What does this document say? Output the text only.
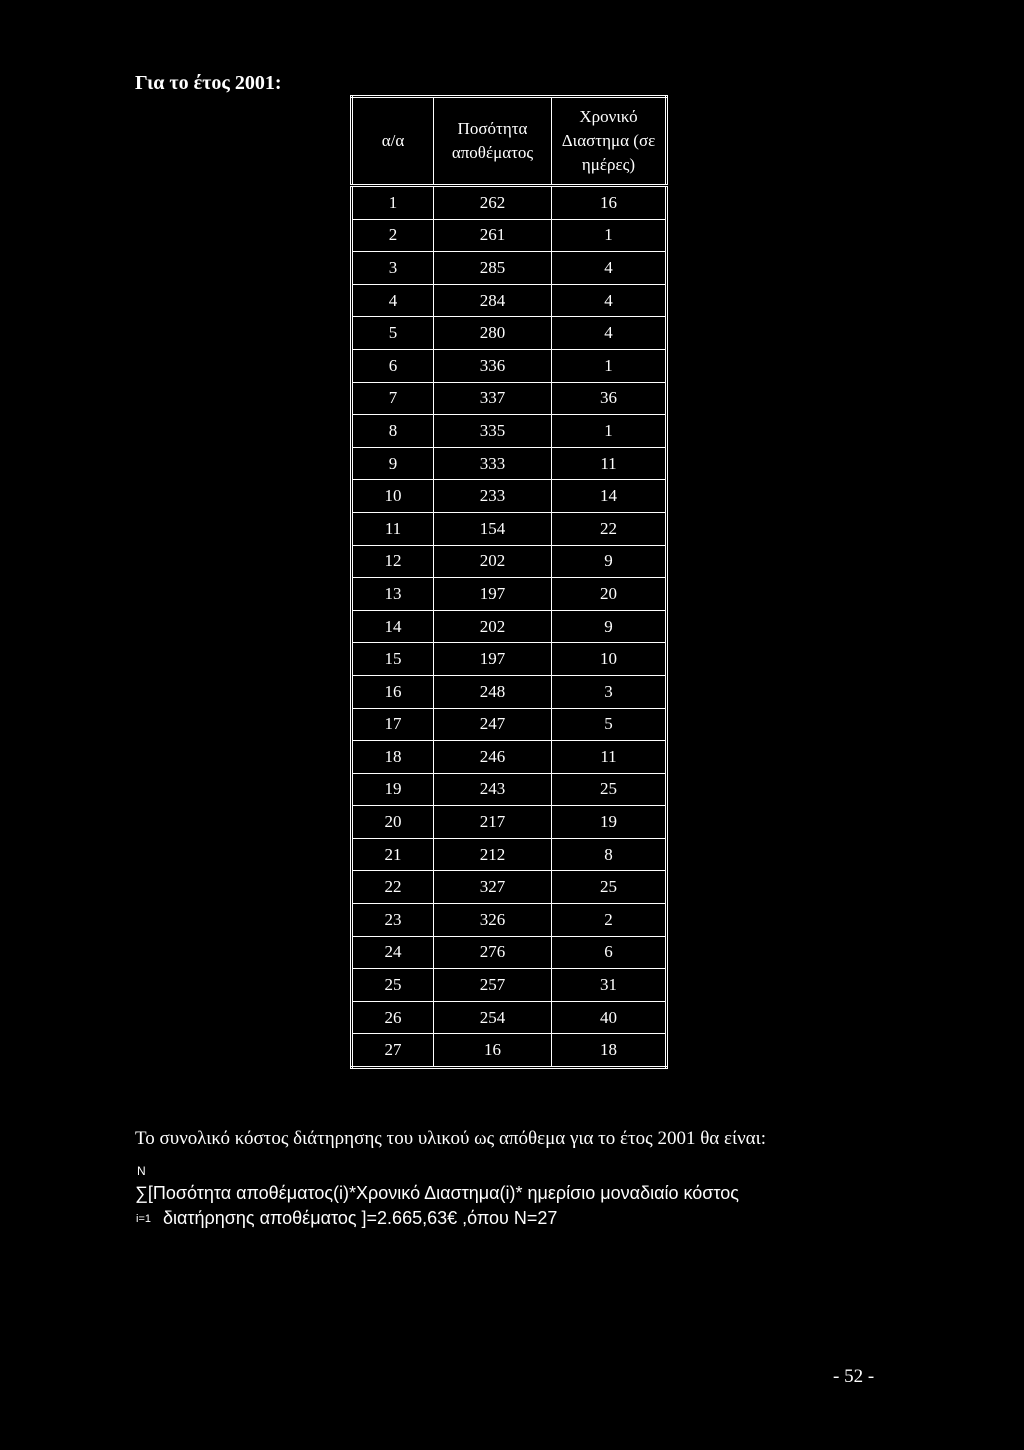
Για το έτος 2001:
α/α	Ποσότητα αποθέματος	Χρονικό Διαστημα (σε ημέρες)
1	262	16
2	261	1
3	285	4
4	284	4
5	280	4
6	336	1
7	337	36
8	335	1
9	333	11
10	233	14
11	154	22
12	202	9
13	197	20
14	202	9
15	197	10
16	248	3
17	247	5
18	246	11
19	243	25
20	217	19
21	212	8
22	327	25
23	326	2
24	276	6
25	257	31
26	254	40
27	16	18
Το συνολικό κόστος διάτηρησης του υλικού ως απόθεμα για το έτος 2001 θα είναι:
N
∑[Ποσότητα αποθέματος(i)*Χρονικό Διαστημα(i)* ημερίσιο μοναδιαίο κόστος
i=1 διατήρησης αποθέματος ]=2.665,63€ ,όπου N=27
- 52 -
